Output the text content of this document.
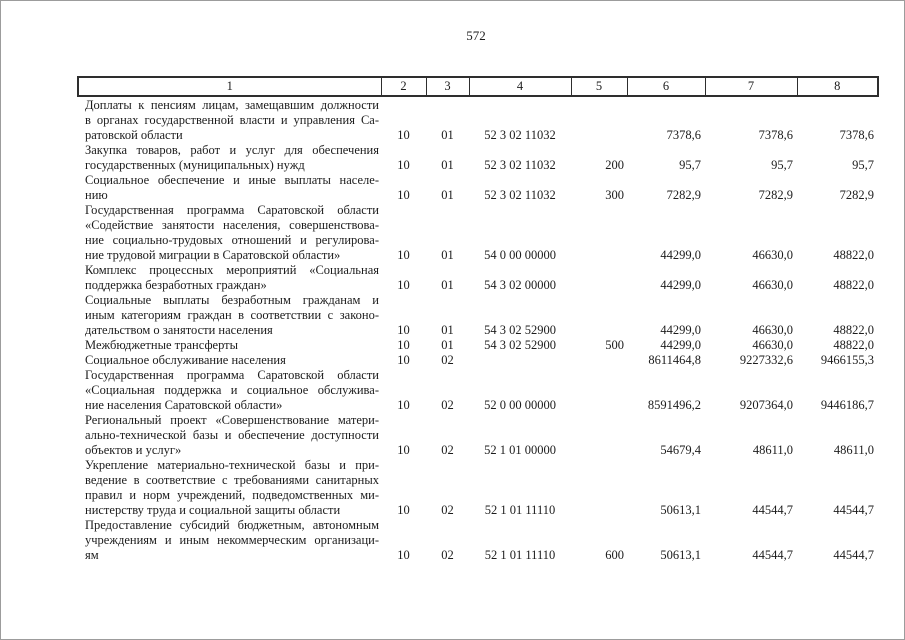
572
1	2	3	4	5	6	7	8

Доплаты к пенсиям лицам, замещавшим должности
в органах государственной власти и управления Са-
ратовской области	10	01	52 3 02 11032		7378,6	7378,6	7378,6

Закупка товаров, работ и услуг для обеспечения
государственных (муниципальных) нужд	10	01	52 3 02 11032	200	95,7	95,7	95,7

Социальное обеспечение и иные выплаты населе-
нию	10	01	52 3 02 11032	300	7282,9	7282,9	7282,9

Государственная программа Саратовской области
«Содействие занятости населения, совершенствова-
ние социально-трудовых отношений и регулирова-
ние трудовой миграции в Саратовской области»	10	01	54 0 00 00000		44299,0	46630,0	48822,0

Комплекс процессных мероприятий «Социальная
поддержка безработных граждан»	10	01	54 3 02 00000		44299,0	46630,0	48822,0

Социальные выплаты безработным гражданам и
иным категориям граждан в соответствии с законо-
дательством о занятости населения	10	01	54 3 02 52900		44299,0	46630,0	48822,0

Межбюджетные трансферты	10	01	54 3 02 52900	500	44299,0	46630,0	48822,0

Социальное обслуживание населения	10	02			8611464,8	9227332,6	9466155,3

Государственная программа Саратовской области
«Социальная поддержка и социальное обслужива-
ние населения Саратовской области»	10	02	52 0 00 00000		8591496,2	9207364,0	9446186,7

Региональный проект «Совершенствование матери-
ально-технической базы и обеспечение доступности
объектов и услуг»	10	02	52 1 01 00000		54679,4	48611,0	48611,0

Укрепление материально-технической базы и при-
ведение в соответствие с требованиями санитарных
правил и норм учреждений, подведомственных ми-
нистерству труда и социальной защиты области	10	02	52 1 01 11110		50613,1	44544,7	44544,7

Предоставление субсидий бюджетным, автономным
учреждениям и иным некоммерческим организаци-
ям	10	02	52 1 01 11110	600	50613,1	44544,7	44544,7
